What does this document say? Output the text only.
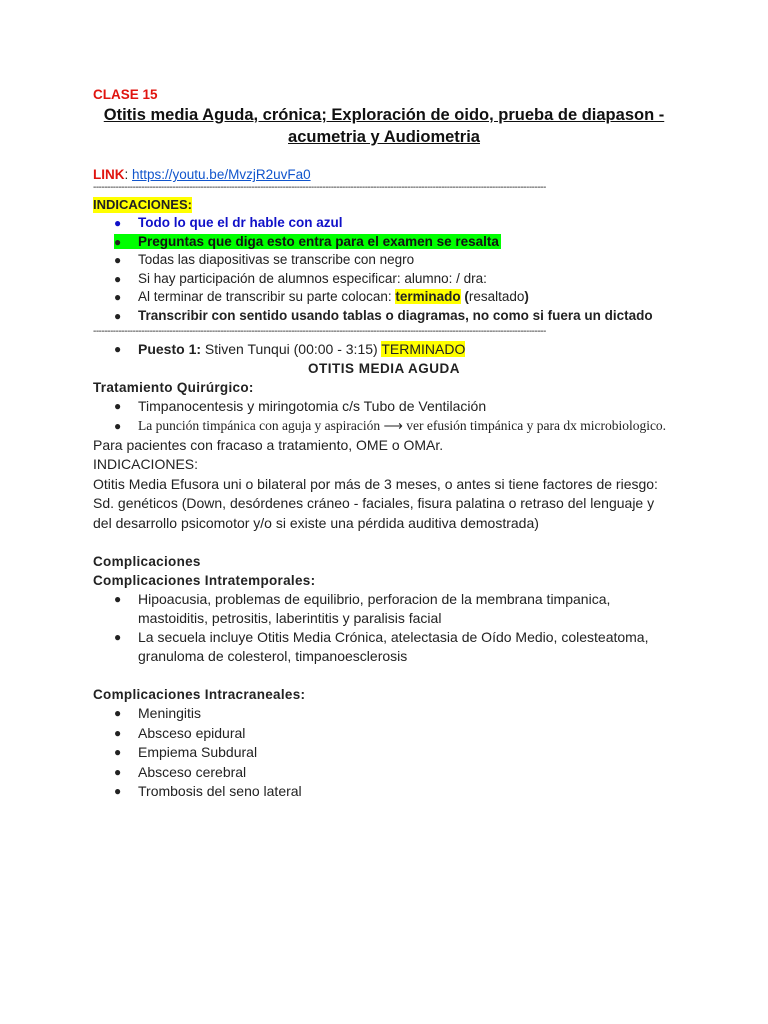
CLASE 15

Otitis media Aguda, crónica; Exploración de oido, prueba de diapason - acumetria y Audiometria

LINK: https://youtu.be/MvzjR2uvFa0
----------------------------------------------------------------------------------------------------------------------------------------------------------------
INDICACIONES:
● Todo lo que el dr hable con azul
● Preguntas que diga esto entra para el examen se resalta
● Todas las diapositivas se transcribe con negro
● Si hay participación de alumnos especificar: alumno: / dra:
● Al terminar de transcribir su parte colocan: terminado (resaltado)
● Transcribir con sentido usando tablas o diagramas, no como si fuera un dictado
----------------------------------------------------------------------------------------------------------------------------------------------------------------
● Puesto 1: Stiven Tunqui (00:00 - 3:15) TERMINADO
OTITIS MEDIA AGUDA
Tratamiento Quirúrgico:
● Timpanocentesis y miringotomia c/s Tubo de Ventilación
● La punción timpánica con aguja y aspiración ⟶ ver efusión timpánica y para dx microbiologico.

Para pacientes con fracaso a tratamiento, OME o OMAr.

INDICACIONES:

Otitis Media Efusora uni o bilateral por más de 3 meses, o antes si tiene factores de riesgo: Sd. genéticos (Down, desórdenes cráneo - faciales, fisura palatina o retraso del lenguaje y del desarrollo psicomotor y/o si existe una pérdida auditiva demostrada)

Complicaciones
Complicaciones Intratemporales:
● Hipoacusia, problemas de equilibrio, perforacion de la membrana timpanica, mastoiditis, petrositis, laberintitis y paralisis facial
● La secuela incluye Otitis Media Crónica, atelectasia de Oído Medio, colesteatoma, granuloma de colesterol, timpanoesclerosis
Complicaciones Intracraneales:
● Meningitis
● Absceso epidural
● Empiema Subdural
● Absceso cerebral
● Trombosis del seno lateral
